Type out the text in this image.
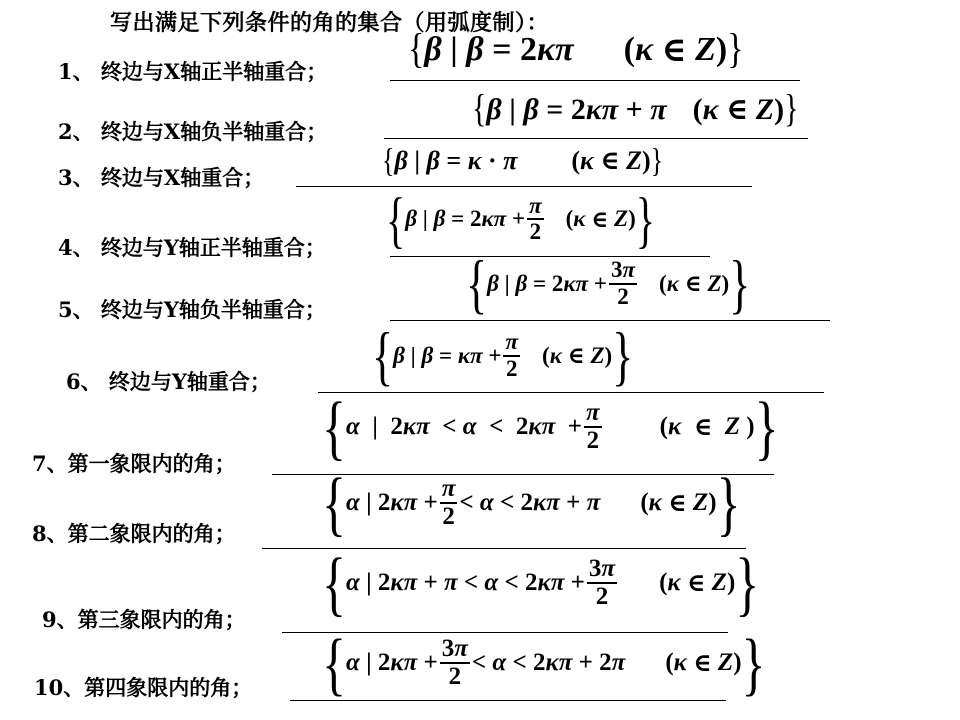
写出满足下列条件的角的集合（用弧度制）：
1、 终边与X轴正半轴重合； { β | β = 2 κπ ( κ ∈ Z ) }
2、 终边与X轴负半轴重合；
{ β | β = 2 κπ + π ( κ ∈ Z ) }
3、 终边与X轴重合；	{ β | β = κ · π ( κ ∈ Z ) }
4、 终边与Y轴正半轴重合； { β | β = 2 $\kappa\pi + \frac{\pi}{2}$ ( κ ∈ Z ) }
5、 终边与Y轴负半轴重合；	{ β | β = 2 $\kappa\pi + \frac{3\pi}{2}$ ( κ ∈ Z ) }
6、 终边与Y轴重合； { β | $\beta = \kappa\pi + \frac{\pi}{2}$ ( κ ∈ Z ) }
7、第一象限内的角； { α |  2 κπ < α <  2 $\kappa\pi + \frac{\pi}{2}$ ( κ ∈ Z ) }
8、第二象限内的角； { α | 2 $\kappa\pi + \frac{\pi}{2} < \alpha < 2$ κπ + π ( κ ∈ Z ) }
9、第三象限内的角； { α | 2 κπ + π < α < 2 $\kappa\pi + \frac{3\pi}{2}$ ( κ ∈ Z ) }
10、第四象限内的角； { α | 2 $\kappa\pi + \frac{3\pi}{2} < \alpha < 2$ κπ + 2 π ( κ ∈ Z ) }
